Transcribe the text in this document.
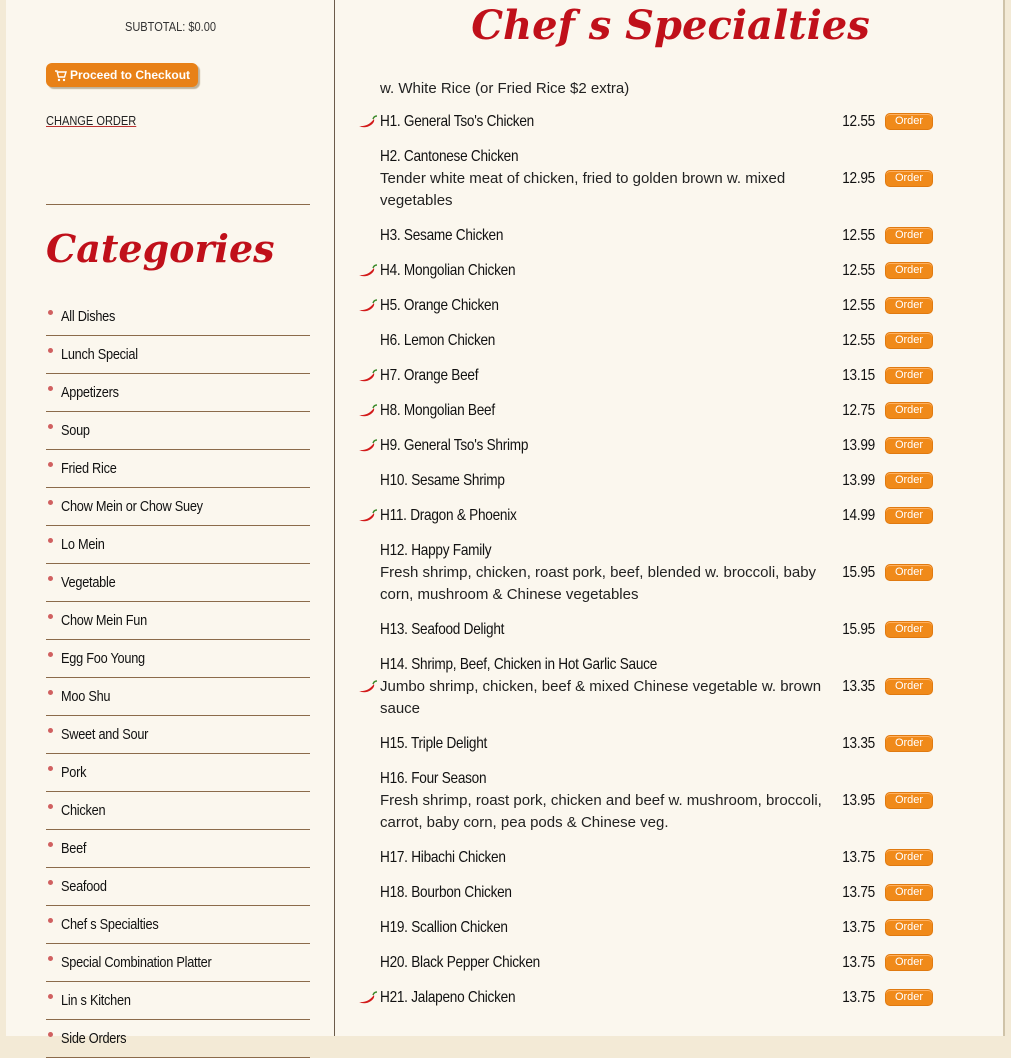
SUBTOTAL: $0.00
Proceed to Checkout
CHANGE ORDER
Categories
All Dishes
Lunch Special
Appetizers
Soup
Fried Rice
Chow Mein or Chow Suey
Lo Mein
Vegetable
Chow Mein Fun
Egg Foo Young
Moo Shu
Sweet and Sour
Pork
Chicken
Beef
Seafood
Chef s Specialties
Special Combination Platter
Lin s Kitchen
Side Orders
Chef s Specialties
w. White Rice (or Fried Rice $2 extra)
H1. General Tso's Chicken	12.55	Order
H2. Cantonese Chicken
Tender white meat of chicken, fried to golden brown w. mixed vegetables
12.95	Order
H3. Sesame Chicken	12.55	Order
H4. Mongolian Chicken	12.55	Order
H5. Orange Chicken	12.55	Order
H6. Lemon Chicken	12.55	Order
H7. Orange Beef	13.15	Order
H8. Mongolian Beef	12.75	Order
H9. General Tso's Shrimp	13.99	Order
H10. Sesame Shrimp	13.99	Order
H11. Dragon & Phoenix	14.99	Order
H12. Happy Family
Fresh shrimp, chicken, roast pork, beef, blended w. broccoli, baby corn, mushroom & Chinese vegetables
15.95	Order
H13. Seafood Delight	15.95	Order
H14. Shrimp, Beef, Chicken in Hot Garlic Sauce
Jumbo shrimp, chicken, beef & mixed Chinese vegetable w. brown sauce
13.35	Order
H15. Triple Delight	13.35	Order
H16. Four Season
Fresh shrimp, roast pork, chicken and beef w. mushroom, broccoli, carrot, baby corn, pea pods & Chinese veg.
13.95	Order
H17. Hibachi Chicken	13.75	Order
H18. Bourbon Chicken	13.75	Order
H19. Scallion Chicken	13.75	Order
H20. Black Pepper Chicken	13.75	Order
H21. Jalapeno Chicken	13.75	Order
